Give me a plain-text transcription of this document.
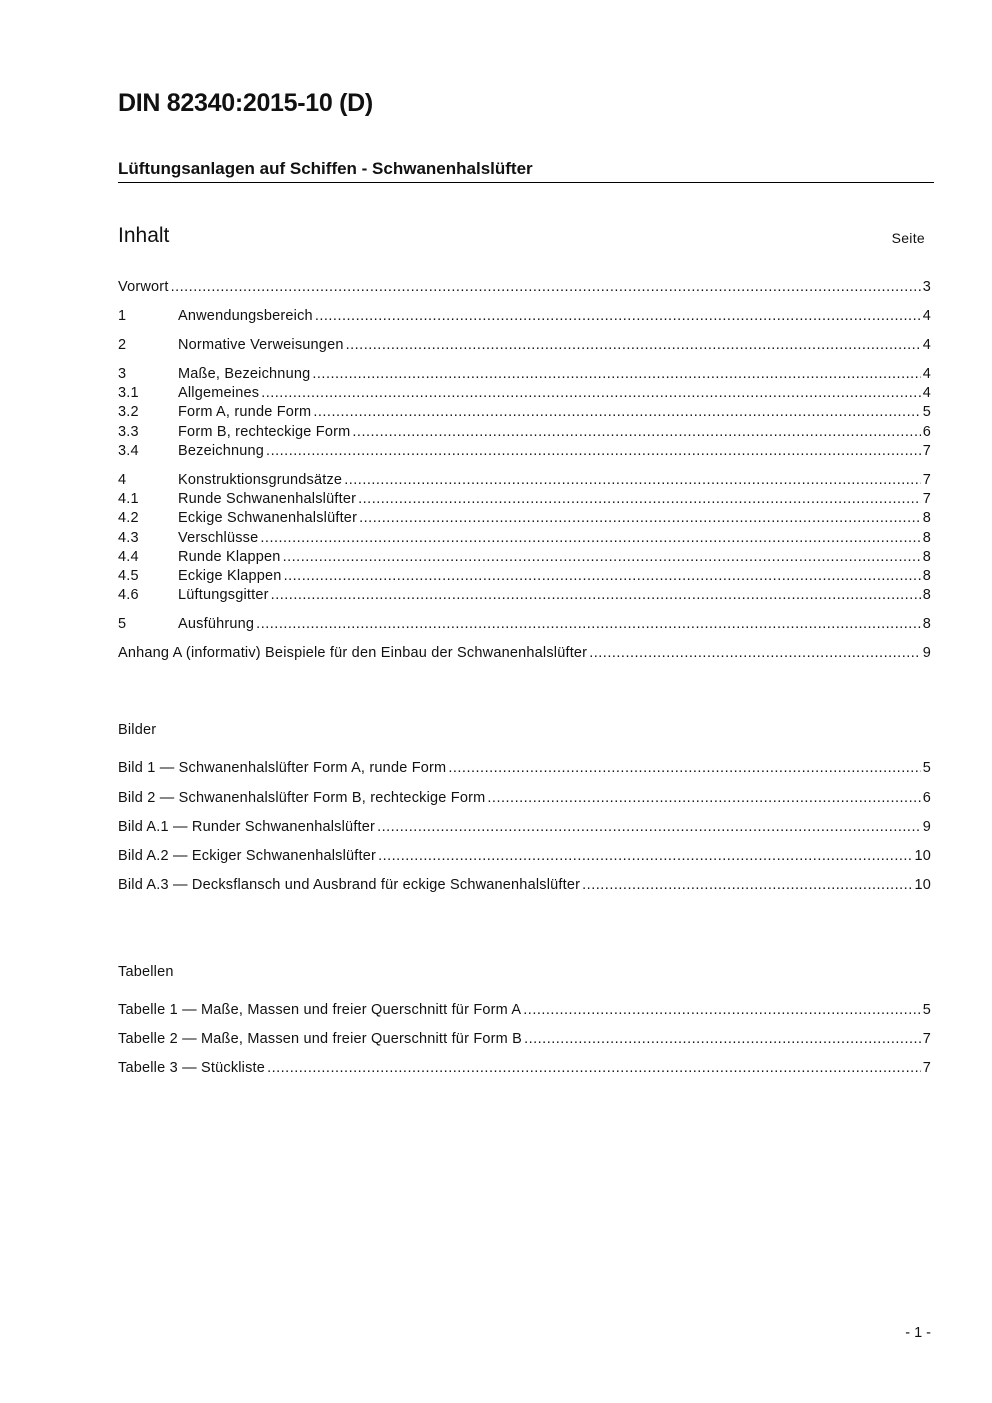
DIN 82340:2015-10 (D)
Lüftungsanlagen auf Schiffen - Schwanenhalslüfter
Inhalt	Seite
Vorwort .....	3
1	Anwendungsbereich .....	4
2	Normative Verweisungen .....	4
3	Maße, Bezeichnung .....	4
3.1	Allgemeines .....	4
3.2	Form A, runde Form .....	5
3.3	Form B, rechteckige Form .....	6
3.4	Bezeichnung .....	7
4	Konstruktionsgrundsätze .....	7
4.1	Runde Schwanenhalslüfter .....	7
4.2	Eckige Schwanenhalslüfter .....	8
4.3	Verschlüsse .....	8
4.4	Runde Klappen .....	8
4.5	Eckige Klappen .....	8
4.6	Lüftungsgitter .....	8
5	Ausführung .....	8
Anhang A (informativ) Beispiele für den Einbau der Schwanenhalslüfter .....	9
Bilder
Bild 1 — Schwanenhalslüfter Form A, runde Form .....	5
Bild 2 — Schwanenhalslüfter Form B, rechteckige Form .....	6
Bild A.1 — Runder Schwanenhalslüfter .....	9
Bild A.2 — Eckiger Schwanenhalslüfter .....	10
Bild A.3 — Decksflansch und Ausbrand für eckige Schwanenhalslüfter .....	10
Tabellen
Tabelle 1 — Maße, Massen und freier Querschnitt für Form A .....	5
Tabelle 2 — Maße, Massen und freier Querschnitt für Form B .....	7
Tabelle 3 — Stückliste .....	7
- 1 -
